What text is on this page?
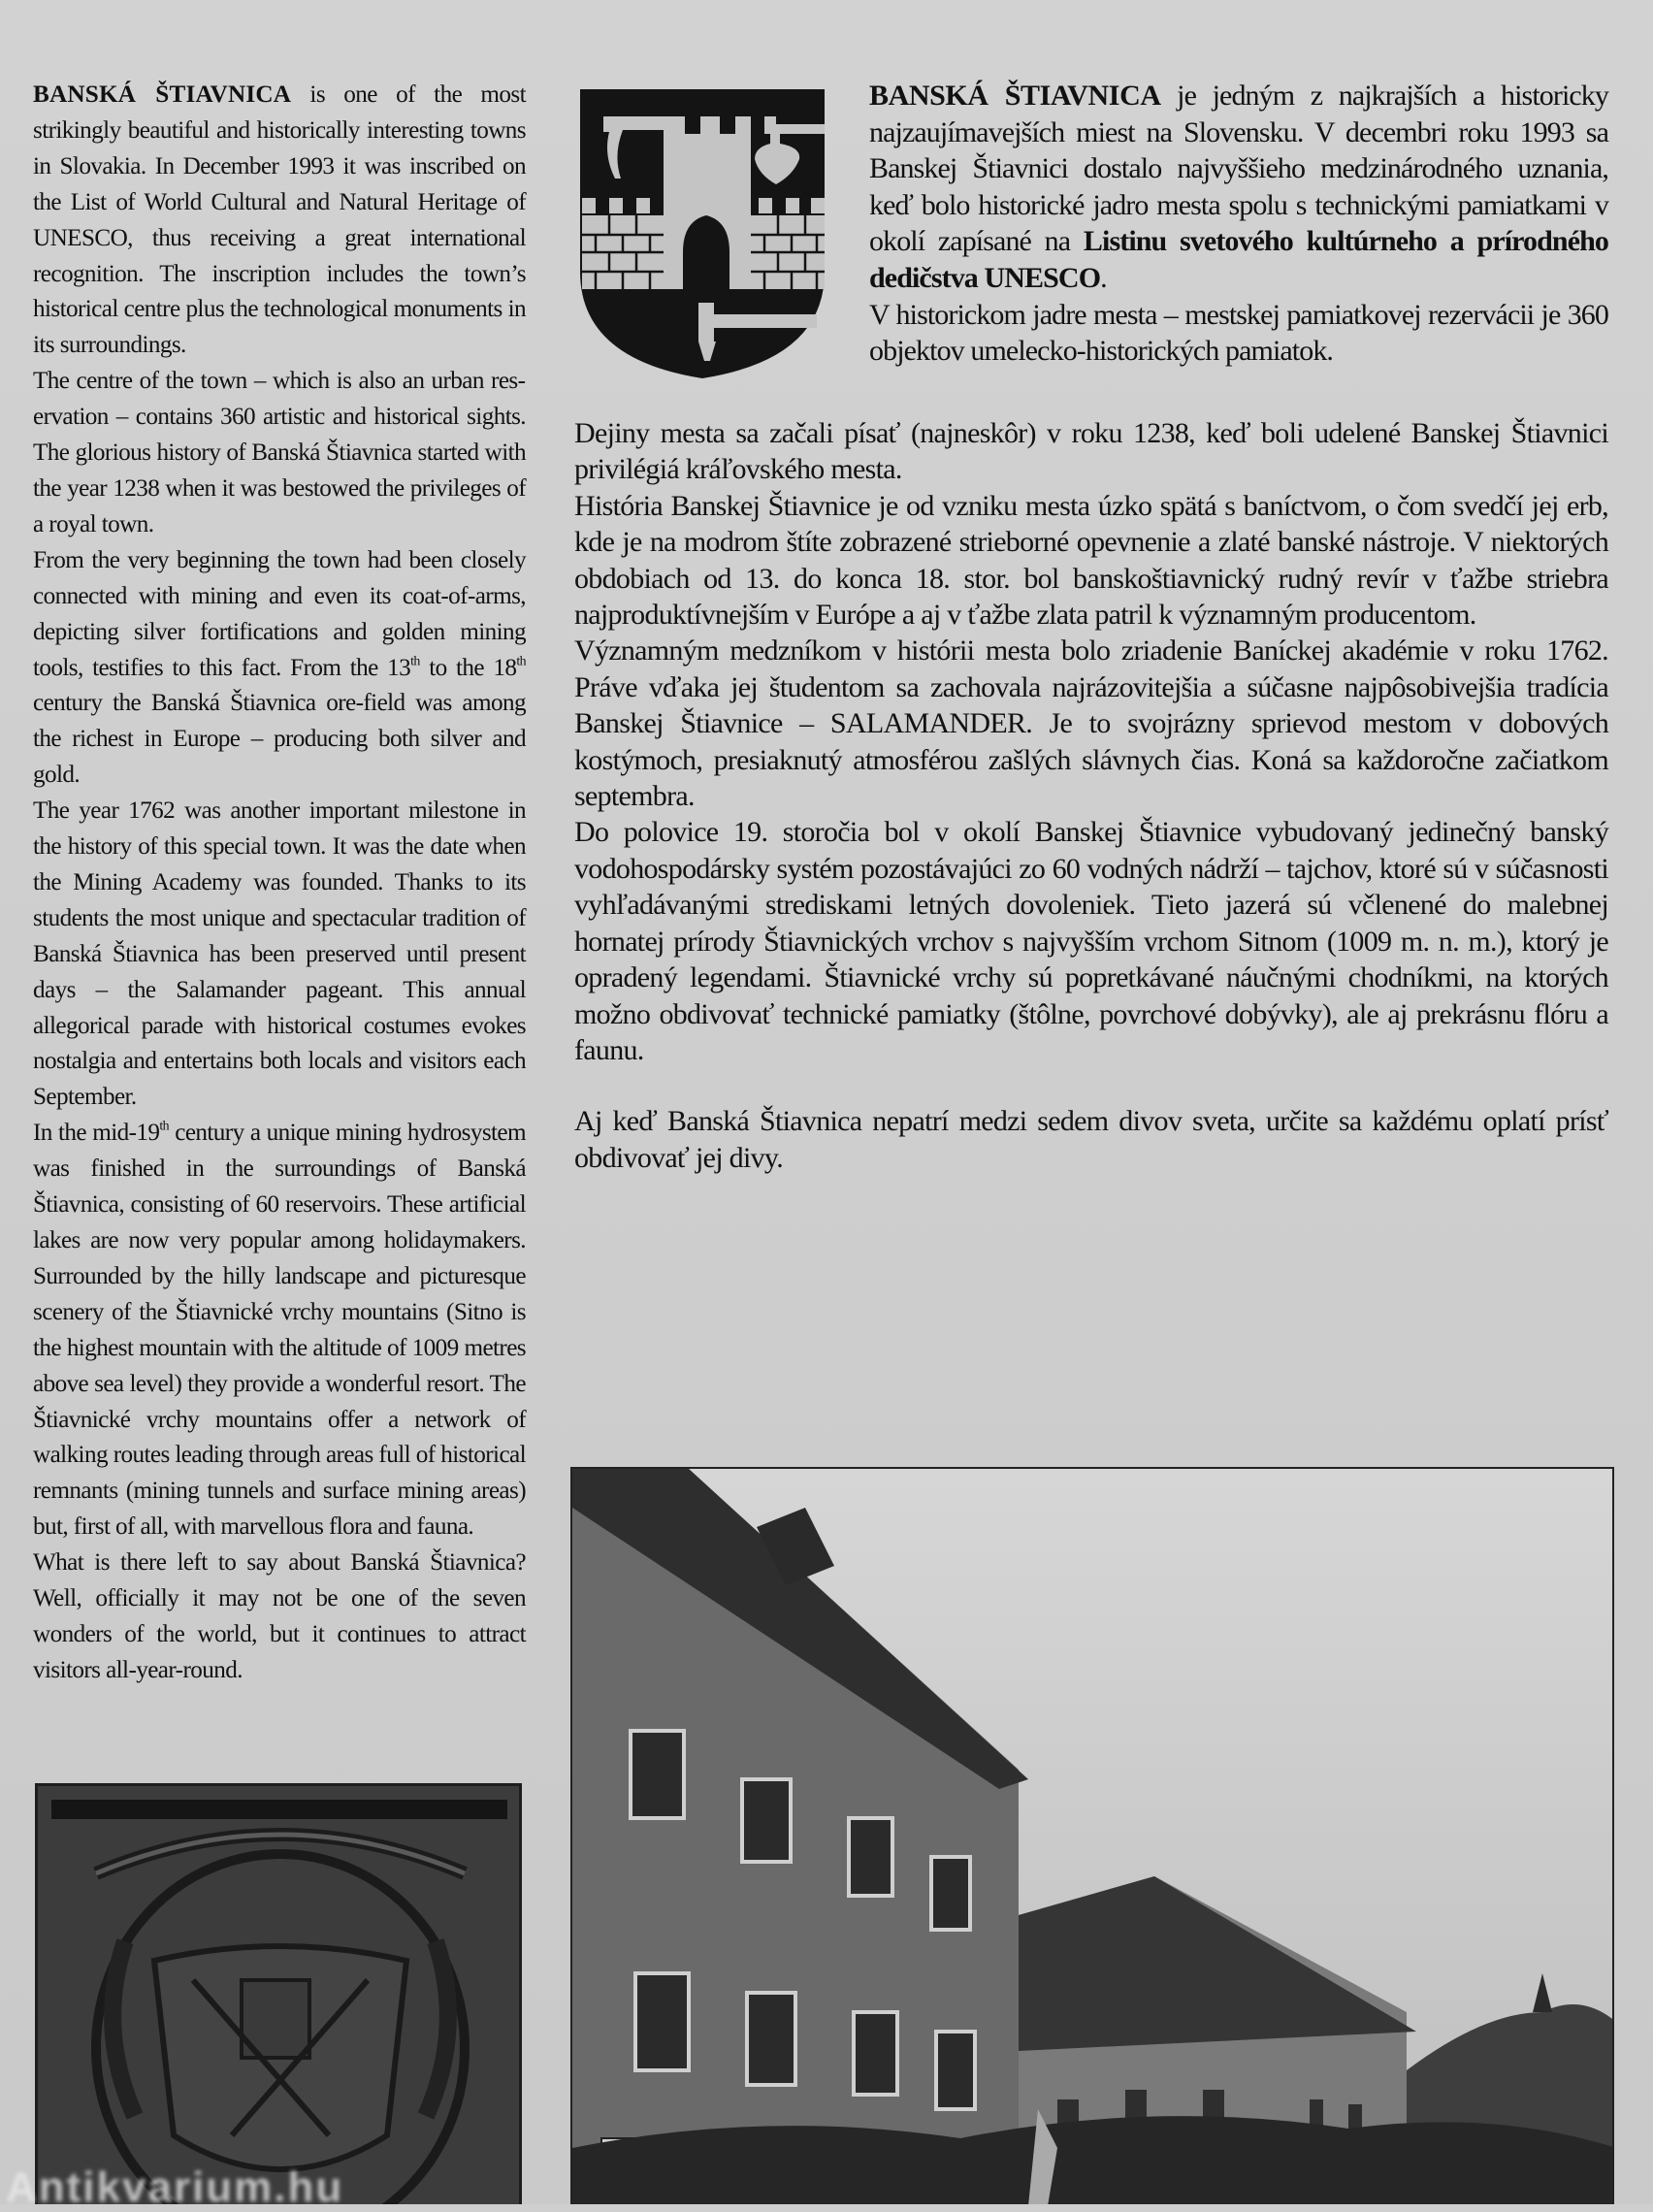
BANSKÁ ŠTIAVNICA is one of the most strikingly beautiful and historically interesting towns in Slovakia. In December 1993 it was inscribed on the List of World Cultural and Natural Heritage of UNESCO, thus receiving a great international recognition. The inscription includes the town’s historical centre plus the technological monuments in its surroundings.

The centre of the town – which is also an urban reservation – contains 360 artistic and historical sights. The glorious history of Banská Štiavnica started with the year 1238 when it was bestowed the privileges of a royal town.

From the very beginning the town had been closely connected with mining and even its coat-of-arms, depicting silver fortifications and golden mining tools, testifies to this fact. From the 13th to the 18th century the Banská Štiavnica ore-field was among the richest in Europe – producing both silver and gold.

The year 1762 was another important milestone in the history of this special town. It was the date when the Mining Academy was founded. Thanks to its students the most unique and spectacular tradition of Banská Štiavnica has been preserved until present days – the Salamander pageant. This annual allegorical parade with historical costumes evokes nostalgia and entertains both locals and visitors each September.

In the mid-19th century a unique mining hydrosystem was finished in the surroundings of Banská Štiavnica, consisting of 60 reservoirs. These artificial lakes are now very popular among holidaymakers. Surrounded by the hilly landscape and picturesque scenery of the Štiavnické vrchy mountains (Sitno is the highest mountain with the altitude of 1009 metres above sea level) they provide a wonderful resort. The Štiavnické vrchy mountains offer a network of walking routes leading through areas full of historical remnants (mining tunnels and surface mining areas) but, first of all, with marvellous flora and fauna.

What is there left to say about Banská Štiavnica? Well, officially it may not be one of the seven wonders of the world, but it continues to attract visitors all-year-round.

BANSKÁ ŠTIAVNICA je jedným z najkrajších a historicky najzaujímavejších miest na Slovensku. V decembri roku 1993 sa Banskej Štiavnici dostalo najvyššieho medzinárodného uznania, keď bolo historické jadro mesta spolu s technickými pamiatkami v okolí zapísané na Listinu svetového kultúrneho a prírodného dedičstva UNESCO.

V historickom jadre mesta – mestskej pamiatkovej rezervácii je 360 objektov umelecko-historických pamiatok.

Dejiny mesta sa začali písať (najneskôr) v roku 1238, keď boli udelené Banskej Štiavnici privilégiá kráľovského mesta.

História Banskej Štiavnice je od vzniku mesta úzko spätá s baníctvom, o čom svedčí jej erb, kde je na modrom štíte zobrazené strieborné opevnenie a zlaté banské nástroje. V niektorých obdobiach od 13. do konca 18. stor. bol banskoštiavnický rudný revír v ťažbe striebra najproduktívnejším v Európe a aj v ťažbe zlata patril k významným producentom.

Významným medzníkom v histórii mesta bolo zriadenie Baníckej akadémie v roku 1762. Práve vďaka jej študentom sa zachovala najrázovitejšia a súčasne najpôsobivejšia tradícia Banskej Štiavnice – SALAMANDER. Je to svojrázny sprievod mestom v dobových kostýmoch, presiaknutý atmosférou zašlých slávnych čias. Koná sa každoročne začiatkom septembra.

Do polovice 19. storočia bol v okolí Banskej Štiavnice vybudovaný jedinečný banský vodohospodársky systém pozostávajúci zo 60 vodných nádrží – tajchov, ktoré sú v súčasnosti vyhľadávanými strediskami letných dovoleniek. Tieto jazerá sú včlenené do malebnej hornatej prírody Štiavnických vrchov s najvyšším vrchom Sitnom (1009 m. n. m.), ktorý je opradený legendami. Štiavnické vrchy sú popretkávané náučnými chodníkmi, na ktorých možno obdivovať technické pamiatky (štôlne, povrchové dobývky), ale aj prekrásnu flóru a faunu.

Aj keď Banská Štiavnica nepatrí medzi sedem divov sveta, určite sa každému oplatí prísť obdivovať jej divy.

Antikvarium.hu
